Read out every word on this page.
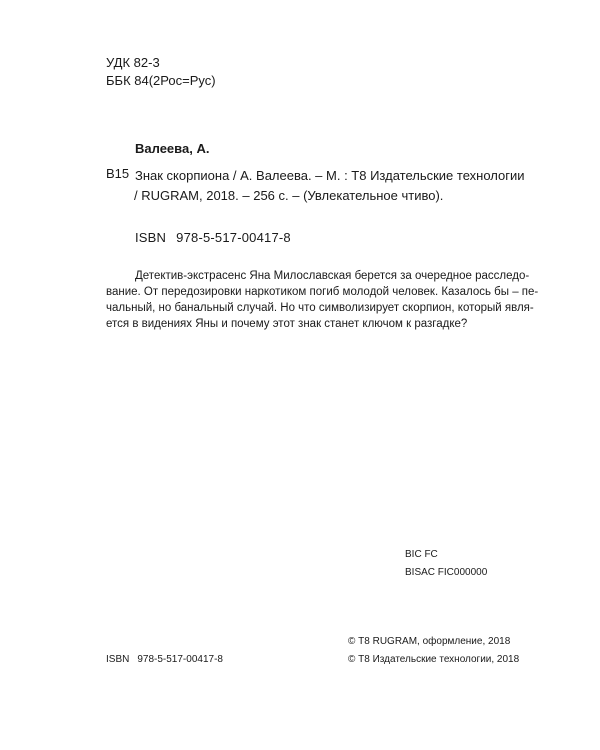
УДК 82-3
ББК 84(2Рос=Рус)
Валеева, А.
В15 Знак скорпиона / А. Валеева. – М. : Т8 Издательские технологии
/ RUGRAM, 2018. – 256 с. – (Увлекательное чтиво).
ISBN 978-5-517-00417-8
Детектив-экстрасенс Яна Милославская берется за очередное расследо-
вание. От передозировки наркотиком погиб молодой человек. Казалось бы – пе-
чальный, но банальный случай. Но что символизирует скорпион, который явля-
ется в видениях Яны и почему этот знак станет ключом к разгадке?
BIC FC
BISAC FIC000000
© Т8 RUGRAM, оформление, 2018
ISBN 978-5-517-00417-8	© Т8 Издательские технологии, 2018
